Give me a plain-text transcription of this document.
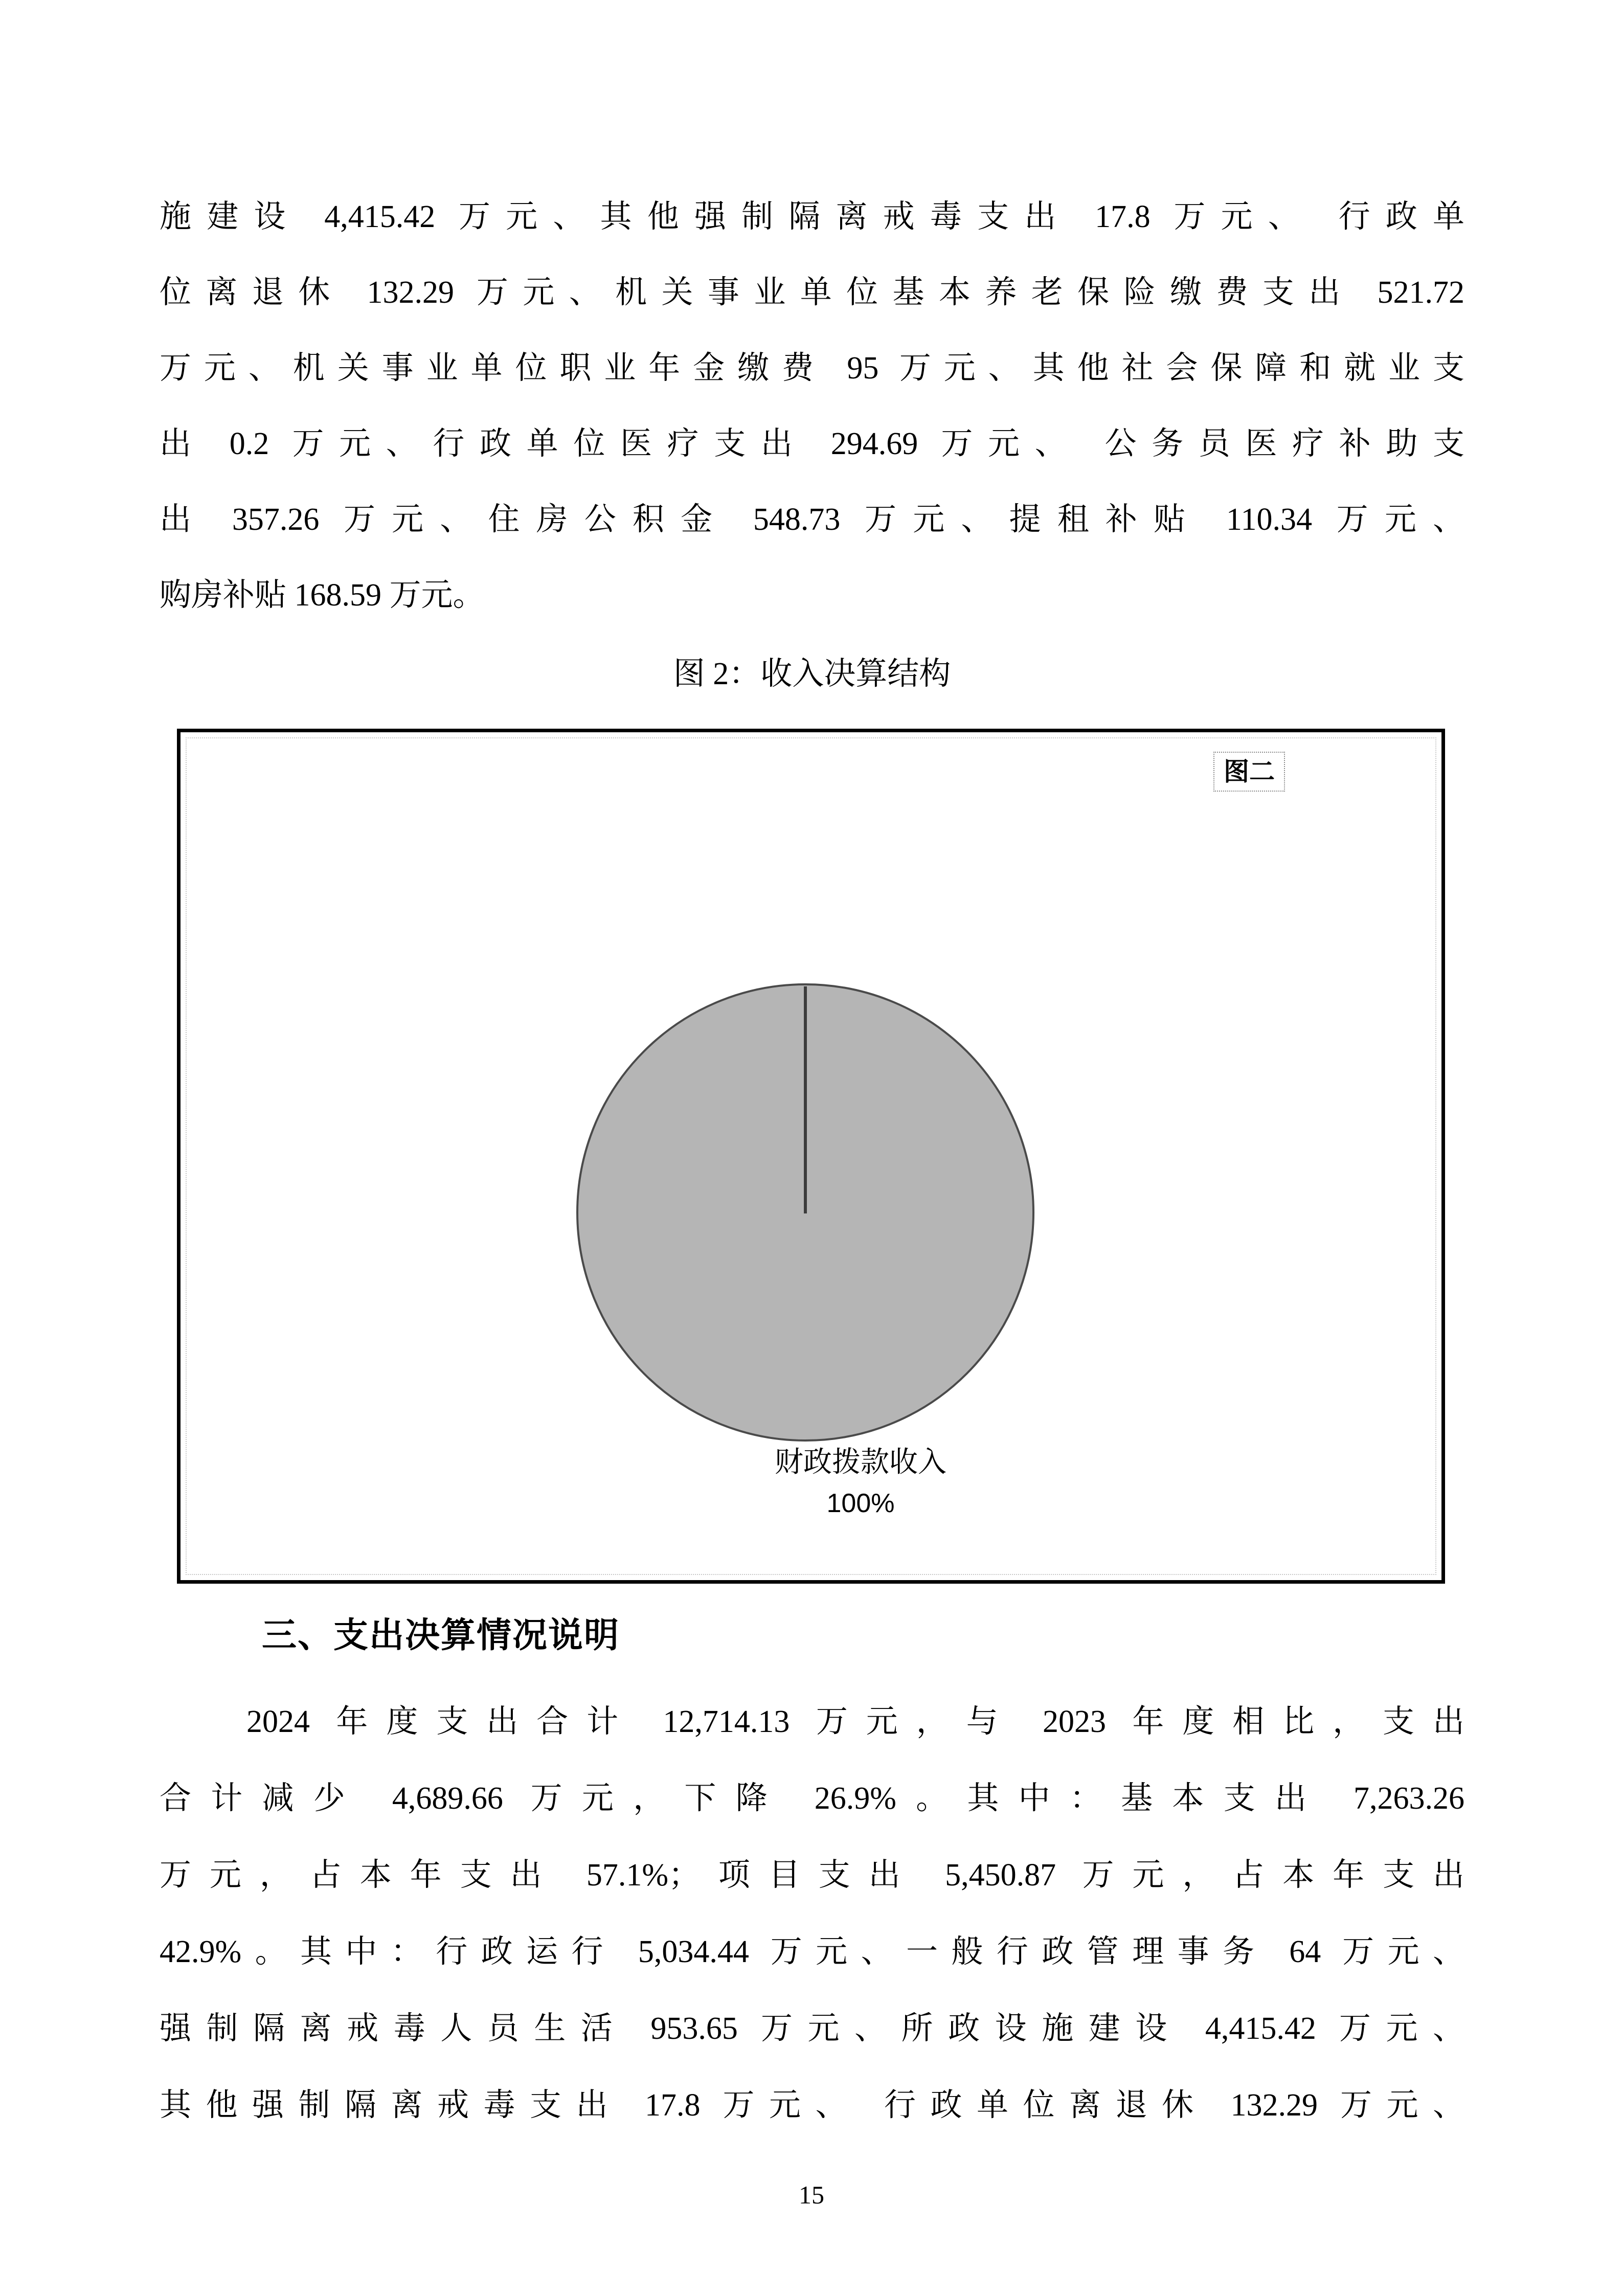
施建设 4,415.42 万元、其他强制隔离戒毒支出 17.8 万元、 行政单
位离退休 132.29 万元、机关事业单位基本养老保险缴费支出 521.72
万元、机关事业单位职业年金缴费 95 万元、其他社会保障和就业支
出 0.2 万元、行政单位医疗支出 294.69 万元、 公务员医疗补助支
出 357.26 万元、住房公积金 548.73 万元、提租补贴 110.34 万元、
购房补贴 168.59 万元。
图 2：收入决算结构
图二
财政拨款收入
100%
三、支出决算情况说明
2024 年度支出合计 12,714.13 万元，与 2023 年度相比，支出
合计减少 4,689.66 万元，下降 26.9%。其中：基本支出 7,263.26
万元，占本年支出 57.1%；项目支出 5,450.87 万元，占本年支出
42.9%。其中：行政运行 5,034.44 万元、一般行政管理事务 64 万元、
强制隔离戒毒人员生活 953.65 万元、所政设施建设 4,415.42 万元、
其他强制隔离戒毒支出 17.8 万元、 行政单位离退休 132.29 万元、
15
